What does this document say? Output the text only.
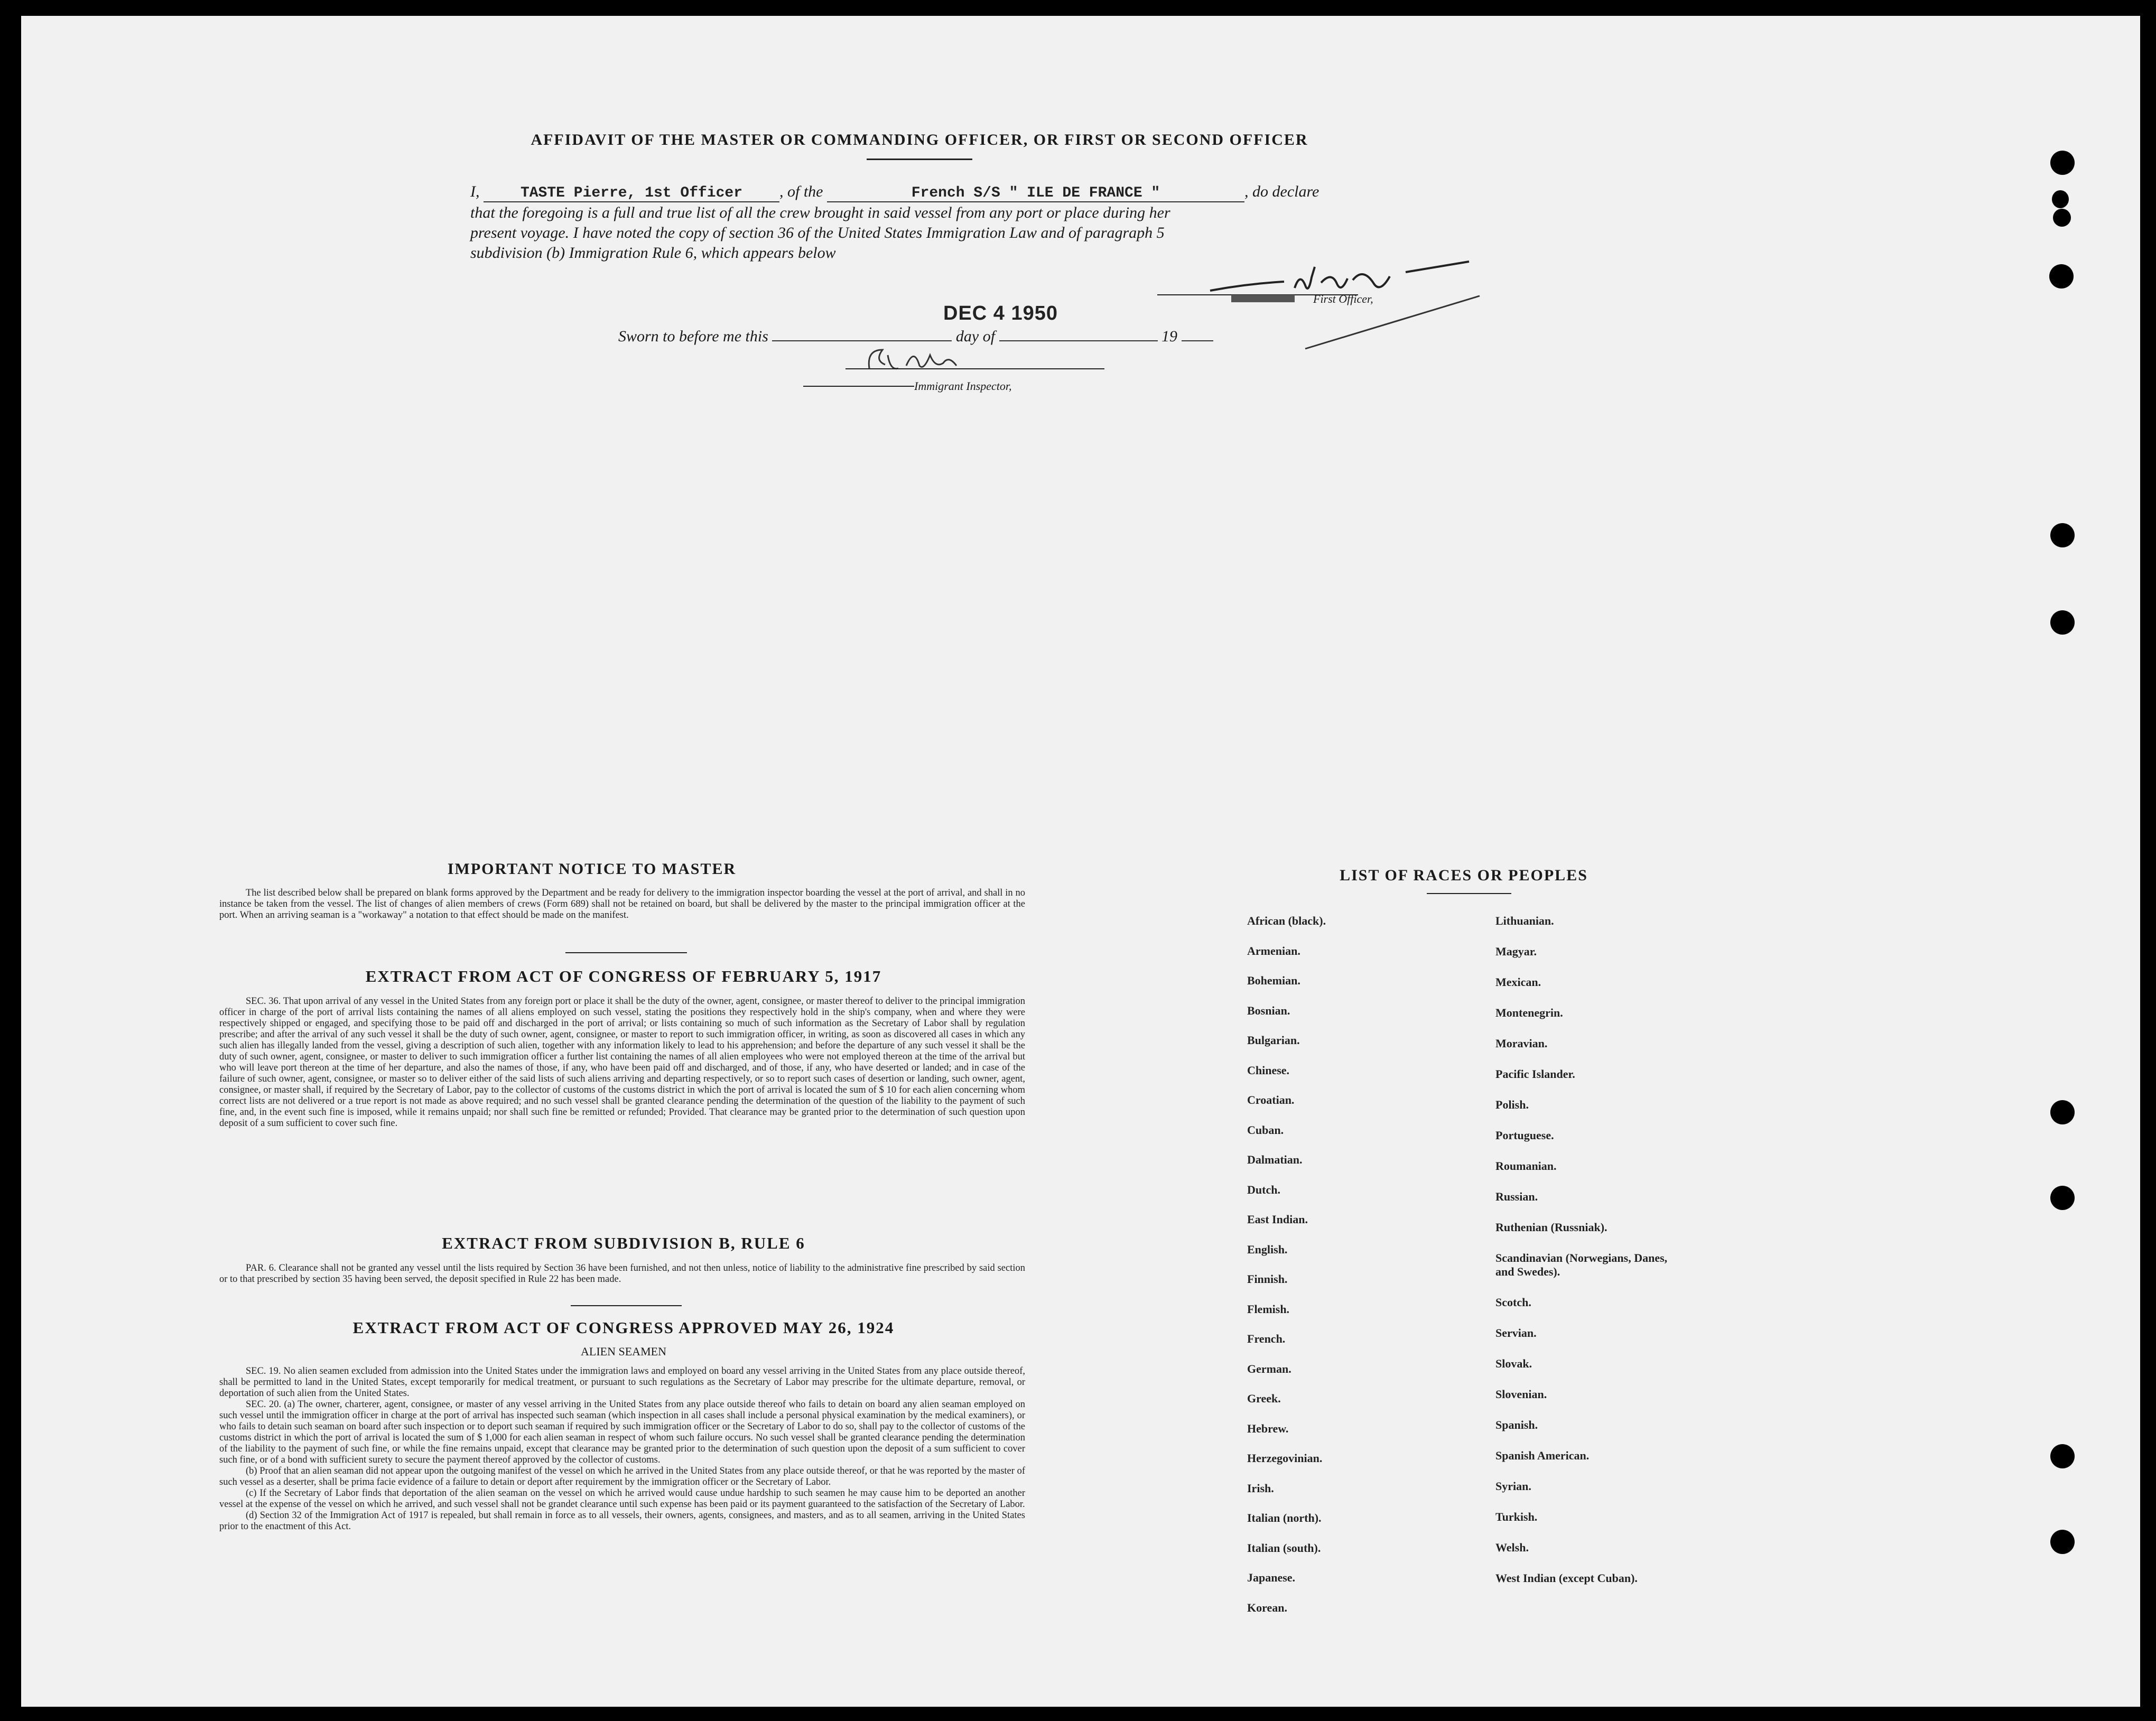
AFFIDAVIT OF THE MASTER OR COMMANDING OFFICER, OR FIRST OR SECOND OFFICER
I,	TASTE Pierre, 1st Officer , of the	French S/S " ILE DE FRANCE "	, do declare
that the foregoing is a full and true list of all the crew brought in said vessel from any port or place during her
present voyage. I have noted the copy of section 36 of the United States Immigration Law and of paragraph 5
subdivision (b) Immigration Rule 6, which appears below
First Officer,
Sworn to before me this	day of	19
DEC 4 1950
Immigrant Inspector,
IMPORTANT NOTICE TO MASTER

The list described below shall be prepared on blank forms approved by the Department and be ready for delivery to the immigration inspector boarding the vessel at the port of arrival, and shall in no instance be taken from the vessel. The list of changes of alien members of crews (Form 689) shall not be retained on board, but shall be delivered by the master to the principal immigration officer at the port. When an arriving seaman is a "workaway" a notation to that effect should be made on the manifest.

EXTRACT FROM ACT OF CONGRESS OF FEBRUARY 5, 1917

SEC. 36. That upon arrival of any vessel in the United States from any foreign port or place it shall be the duty of the owner, agent, consignee, or master thereof to deliver to the principal immigration officer in charge of the port of arrival lists containing the names of all aliens employed on such vessel, stating the positions they respectively hold in the ship's company, when and where they were respectively shipped or engaged, and specifying those to be paid off and discharged in the port of arrival; or lists containing so much of such information as the Secretary of Labor shall by regulation prescribe; and after the arrival of any such vessel it shall be the duty of such owner, agent, consignee, or master to report to such immigration officer, in writing, as soon as discovered all cases in which any such alien has illegally landed from the vessel, giving a description of such alien, together with any information likely to lead to his apprehension; and before the departure of any such vessel it shall be the duty of such owner, agent, consignee, or master to deliver to such immigration officer a further list containing the names of all alien employees who were not employed thereon at the time of the arrival but who will leave port thereon at the time of her departure, and also the names of those, if any, who have been paid off and discharged, and of those, if any, who have deserted or landed; and in case of the failure of such owner, agent, consignee, or master so to deliver either of the said lists of such aliens arriving and departing respectively, or so to report such cases of desertion or landing, such owner, agent, consignee, or master shall, if required by the Secretary of Labor, pay to the collector of customs of the customs district in which the port of arrival is located the sum of $ 10 for each alien concerning whom correct lists are not delivered or a true report is not made as above required; and no such vessel shall be granted clearance pending the determination of the question of the liability to the payment of such fine, and, in the event such fine is imposed, while it remains unpaid; nor shall such fine be remitted or refunded; Provided. That clearance may be granted prior to the determination of such question upon deposit of a sum sufficient to cover such fine.

EXTRACT FROM SUBDIVISION B, RULE 6

PAR. 6. Clearance shall not be granted any vessel until the lists required by Section 36 have been furnished, and not then unless, notice of liability to the administrative fine prescribed by said section or to that prescribed by section 35 having been served, the deposit specified in Rule 22 has been made.

EXTRACT FROM ACT OF CONGRESS APPROVED MAY 26, 1924
ALIEN SEAMEN

SEC. 19. No alien seamen excluded from admission into the United States under the immigration laws and employed on board any vessel arriving in the United States from any place outside thereof, shall be permitted to land in the United States, except temporarily for medical treatment, or pursuant to such regulations as the Secretary of Labor may prescribe for the ultimate departure, removal, or deportation of such alien from the United States.

SEC. 20. (a) The owner, charterer, agent, consignee, or master of any vessel arriving in the United States from any place outside thereof who fails to detain on board any alien seaman employed on such vessel until the immigration officer in charge at the port of arrival has inspected such seaman (which inspection in all cases shall include a personal physical examination by the medical examiners), or who fails to detain such seaman on board after such inspection or to deport such seaman if required by such immigration officer or the Secretary of Labor to do so, shall pay to the collector of customs of the customs district in which the port of arrival is located the sum of $ 1,000 for each alien seaman in respect of whom such failure occurs. No such vessel shall be granted clearance pending the determination of the liability to the payment of such fine, or while the fine remains unpaid, except that clearance may be granted prior to the determination of such question upon the deposit of a sum sufficient to cover such fine, or of a bond with sufficient surety to secure the payment thereof approved by the collector of customs.

(b) Proof that an alien seaman did not appear upon the outgoing manifest of the vessel on which he arrived in the United States from any place outside thereof, or that he was reported by the master of such vessel as a deserter, shall be prima facie evidence of a failure to detain or deport after requirement by the immigration officer or the Secretary of Labor.

(c) If the Secretary of Labor finds that deportation of the alien seaman on the vessel on which he arrived would cause undue hardship to such seamen he may cause him to be deported an another vessel at the expense of the vessel on which he arrived, and such vessel shall not be grandet clearance until such expense has been paid or its payment guaranteed to the satisfaction of the Secretary of Labor.

(d) Section 32 of the Immigration Act of 1917 is repealed, but shall remain in force as to all vessels, their owners, agents, consignees, and masters, and as to all seamen, arriving in the United States prior to the enactment of this Act.

LIST OF RACES OR PEOPLES
African (black).
Armenian.
Bohemian.
Bosnian.
Bulgarian.
Chinese.
Croatian.
Cuban.
Dalmatian.
Dutch.
East Indian.
English.
Finnish.
Flemish.
French.
German.
Greek.
Hebrew.
Herzegovinian.
Irish.
Italian (north).
Italian (south).
Japanese.
Korean.
Lithuanian.
Magyar.
Mexican.
Montenegrin.
Moravian.
Pacific Islander.
Polish.
Portuguese.
Roumanian.
Russian.
Ruthenian (Russniak).
Scandinavian (Norwegians, Danes, and Swedes).
Scotch.
Servian.
Slovak.
Slovenian.
Spanish.
Spanish American.
Syrian.
Turkish.
Welsh.
West Indian (except Cuban).
